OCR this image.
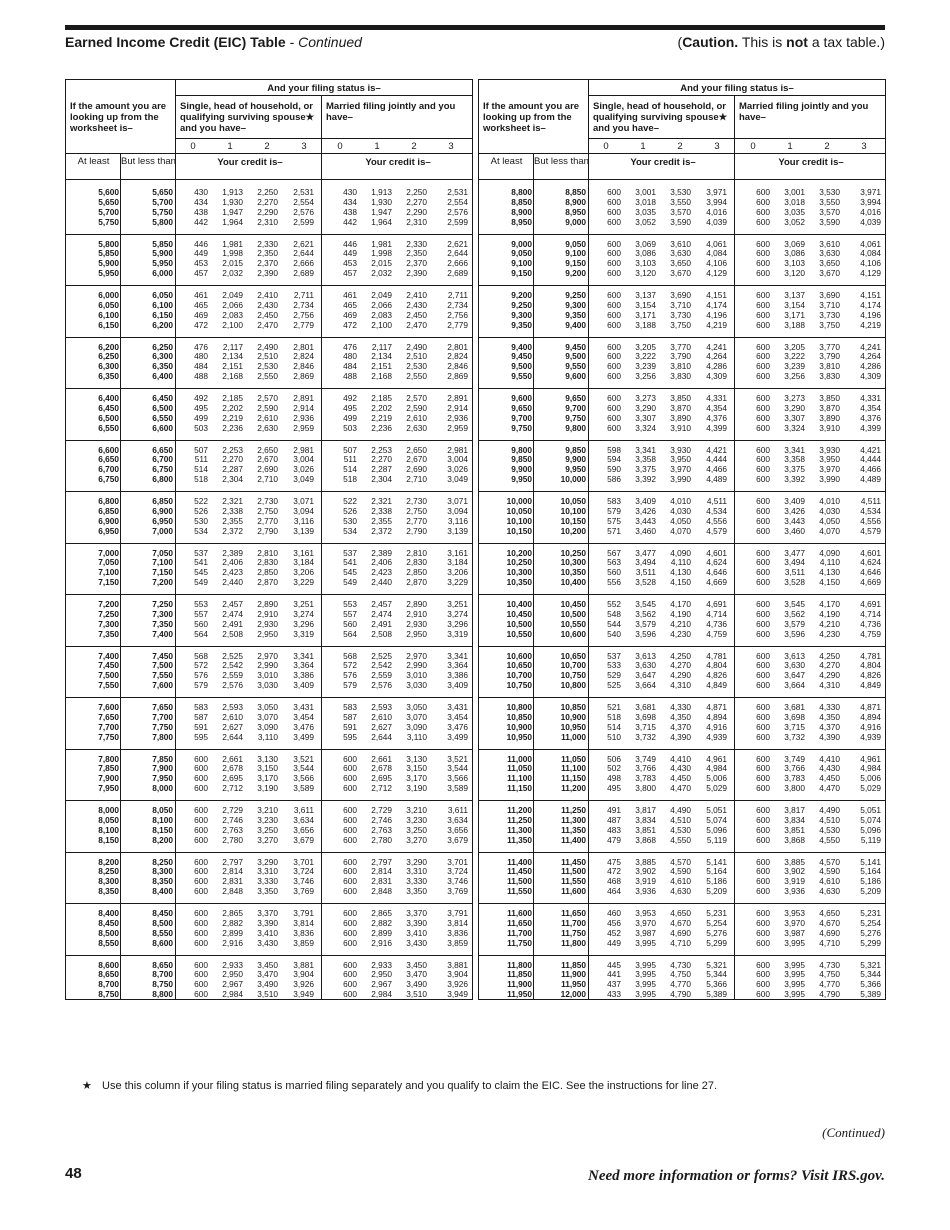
Earned Income Credit (EIC) Table - Continued	(Caution. This is not a tax table.)
And your filing status is–
If the amount you are looking up from the worksheet is–
Single, head of household, or qualifying surviving spouse★ and you have–
Married filing jointly and you have–
0	1	2	3	0	1	2	3
At least	But less than	Your credit is–	Your credit is–
5,600	5,650	430 1,913 2,250 2,531	430 1,913 2,250 2,531
5,650	5,700	434 1,930 2,270 2,554	434 1,930 2,270 2,554
5,700	5,750	438 1,947 2,290 2,576	438 1,947 2,290 2,576
5,750	5,800	442 1,964 2,310 2,599	442 1,964 2,310 2,599
5,800	5,850	446 1,981 2,330 2,621	446 1,981 2,330 2,621
5,850	5,900	449 1,998 2,350 2,644	449 1,998 2,350 2,644
5,900	5,950	453 2,015 2,370 2,666	453 2,015 2,370 2,666
5,950	6,000	457 2,032 2,390 2,689	457 2,032 2,390 2,689
6,000	6,050	461 2,049 2,410 2,711	461 2,049 2,410	2,711
6,050	6,100	465 2,066 2,430 2,734	465 2,066 2,430 2,734
6,100	6,150	469 2,083 2,450 2,756	469 2,083 2,450 2,756
6,150	6,200	472 2,100 2,470 2,779	472 2,100 2,470 2,779
6,200	6,250	476 2,117 2,490 2,801	476 2,117 2,490 2,801
6,250	6,300	480 2,134 2,510 2,824	480 2,134 2,510 2,824
6,300	6,350	484 2,151 2,530 2,846	484 2,151 2,530 2,846
6,350	6,400	488 2,168 2,550 2,869	488 2,168 2,550 2,869
6,400	6,450	492 2,185 2,570 2,891	492 2,185 2,570 2,891
6,450	6,500	495 2,202 2,590 2,914	495 2,202 2,590 2,914
6,500	6,550	499 2,219 2,610 2,936	499 2,219 2,610 2,936
6,550	6,600	503 2,236 2,630 2,959	503 2,236 2,630 2,959
6,600	6,650	507 2,253 2,650 2,981	507 2,253 2,650 2,981
6,650	6,700	511 2,270 2,670 3,004	511 2,270 2,670 3,004
6,700	6,750	514 2,287 2,690 3,026	514 2,287 2,690 3,026
6,750	6,800	518 2,304 2,710 3,049	518 2,304 2,710 3,049
6,800	6,850	522 2,321 2,730 3,071	522 2,321 2,730 3,071
6,850	6,900	526 2,338 2,750 3,094	526 2,338 2,750 3,094
6,900	6,950	530 2,355 2,770 3,116	530 2,355 2,770	3,116
6,950	7,000	534 2,372 2,790 3,139	534 2,372 2,790 3,139
7,000	7,050	537 2,389 2,810 3,161	537 2,389 2,810 3,161
7,050	7,100	541 2,406 2,830 3,184	541 2,406 2,830 3,184
7,100	7,150	545 2,423 2,850 3,206	545 2,423 2,850 3,206
7,150	7,200	549 2,440 2,870 3,229	549 2,440 2,870 3,229
7,200	7,250	553 2,457 2,890 3,251	553 2,457 2,890 3,251
7,250	7,300	557 2,474 2,910 3,274	557 2,474 2,910 3,274
7,300	7,350	560 2,491 2,930 3,296	560 2,491 2,930 3,296
7,350	7,400	564 2,508 2,950 3,319	564 2,508 2,950 3,319
7,400	7,450	568 2,525 2,970 3,341	568 2,525 2,970 3,341
7,450	7,500	572 2,542 2,990 3,364	572 2,542 2,990 3,364
7,500	7,550	576 2,559 3,010 3,386	576 2,559 3,010 3,386
7,550	7,600	579 2,576 3,030 3,409	579 2,576 3,030 3,409
7,600	7,650	583 2,593 3,050 3,431	583 2,593 3,050 3,431
7,650	7,700	587 2,610 3,070 3,454	587 2,610 3,070 3,454
7,700	7,750	591 2,627 3,090 3,476	591 2,627 3,090 3,476
7,750	7,800	595 2,644 3,110 3,499	595 2,644 3,110 3,499
7,800	7,850	600 2,661 3,130 3,521	600 2,661 3,130 3,521
7,850	7,900	600 2,678 3,150 3,544	600 2,678 3,150 3,544
7,900	7,950	600 2,695 3,170 3,566	600 2,695 3,170 3,566
7,950	8,000	600 2,712 3,190 3,589	600 2,712 3,190 3,589
8,000	8,050	600 2,729 3,210 3,611	600 2,729 3,210	3,611
8,050	8,100	600 2,746 3,230 3,634	600 2,746 3,230 3,634
8,100	8,150	600 2,763 3,250 3,656	600 2,763 3,250 3,656
8,150	8,200	600 2,780 3,270 3,679	600 2,780 3,270 3,679
8,200	8,250	600 2,797 3,290 3,701	600 2,797 3,290 3,701
8,250	8,300	600 2,814 3,310 3,724	600 2,814 3,310 3,724
8,300	8,350	600 2,831 3,330 3,746	600 2,831 3,330 3,746
8,350	8,400	600 2,848 3,350 3,769	600 2,848 3,350 3,769
8,400	8,450	600 2,865 3,370 3,791	600 2,865 3,370 3,791
8,450	8,500	600 2,882 3,390 3,814	600 2,882 3,390 3,814
8,500	8,550	600 2,899 3,410 3,836	600 2,899 3,410 3,836
8,550	8,600	600 2,916 3,430 3,859	600 2,916 3,430 3,859
8,600	8,650	600 2,933 3,450 3,881	600 2,933 3,450 3,881
8,650	8,700	600 2,950 3,470 3,904	600 2,950 3,470 3,904
8,700	8,750	600 2,967 3,490 3,926	600 2,967 3,490 3,926
8,750	8,800	600 2,984 3,510 3,949	600 2,984 3,510 3,949
And your filing status is–
If the amount you are looking up from the worksheet is–
Single, head of household, or qualifying surviving spouse★ and you have–
Married filing jointly and you have–
0	1	2	3	0	1	2	3
At least	But less than	Your credit is–	Your credit is–
8,800	8,850	600 3,001 3,530 3,971	600 3,001 3,530 3,971
8,850	8,900	600 3,018 3,550 3,994	600 3,018 3,550 3,994
8,900	8,950	600 3,035 3,570 4,016	600 3,035 3,570 4,016
8,950	9,000	600 3,052 3,590 4,039	600 3,052 3,590 4,039
9,000	9,050	600 3,069 3,610 4,061	600 3,069 3,610 4,061
9,050	9,100	600 3,086 3,630 4,084	600 3,086 3,630 4,084
9,100	9,150	600 3,103 3,650 4,106	600 3,103 3,650 4,106
9,150	9,200	600 3,120 3,670 4,129	600 3,120 3,670 4,129
9,200	9,250	600 3,137 3,690 4,151	600 3,137 3,690 4,151
9,250	9,300	600 3,154 3,710 4,174	600 3,154 3,710 4,174
9,300	9,350	600 3,171 3,730 4,196	600 3,171 3,730 4,196
9,350	9,400	600 3,188 3,750 4,219	600 3,188 3,750 4,219
9,400	9,450	600 3,205 3,770 4,241	600 3,205 3,770 4,241
9,450	9,500	600 3,222 3,790 4,264	600 3,222 3,790 4,264
9,500	9,550	600 3,239 3,810 4,286	600 3,239 3,810 4,286
9,550	9,600	600 3,256 3,830 4,309	600 3,256 3,830 4,309
9,600	9,650	600 3,273 3,850 4,331	600 3,273 3,850 4,331
9,650	9,700	600 3,290 3,870 4,354	600 3,290 3,870 4,354
9,700	9,750	600 3,307 3,890 4,376	600 3,307 3,890 4,376
9,750	9,800	600 3,324 3,910 4,399	600 3,324 3,910 4,399
9,800	9,850	598 3,341 3,930 4,421	600 3,341 3,930 4,421
9,850	9,900	594 3,358 3,950 4,444	600 3,358 3,950 4,444
9,900	9,950	590 3,375 3,970 4,466	600 3,375 3,970 4,466
9,950	10,000	586 3,392 3,990 4,489	600 3,392 3,990 4,489
10,000	10,050	583 3,409 4,010 4,511	600 3,409 4,010	4,511
10,050	10,100	579 3,426 4,030 4,534	600 3,426 4,030 4,534
10,100	10,150	575 3,443 4,050 4,556	600 3,443 4,050 4,556
10,150	10,200	571 3,460 4,070 4,579	600 3,460 4,070 4,579
10,200	10,250	567 3,477 4,090 4,601	600 3,477 4,090 4,601
10,250	10,300	563 3,494 4,110 4,624	600 3,494 4,110 4,624
10,300	10,350	560 3,511 4,130 4,646	600 3,511 4,130 4,646
10,350	10,400	556 3,528 4,150 4,669	600 3,528 4,150 4,669
10,400	10,450	552 3,545 4,170 4,691	600 3,545 4,170 4,691
10,450	10,500	548 3,562 4,190 4,714	600 3,562 4,190 4,714
10,500	10,550	544 3,579 4,210 4,736	600 3,579 4,210 4,736
10,550	10,600	540 3,596 4,230 4,759	600 3,596 4,230 4,759
10,600	10,650	537 3,613 4,250 4,781	600 3,613 4,250 4,781
10,650	10,700	533 3,630 4,270 4,804	600 3,630 4,270 4,804
10,700	10,750	529 3,647 4,290 4,826	600 3,647 4,290 4,826
10,750	10,800	525 3,664 4,310 4,849	600 3,664 4,310 4,849
10,800	10,850	521 3,681 4,330 4,871	600 3,681 4,330 4,871
10,850	10,900	518 3,698 4,350 4,894	600 3,698 4,350 4,894
10,900	10,950	514 3,715 4,370 4,916	600 3,715 4,370 4,916
10,950	11,000	510 3,732 4,390 4,939	600 3,732 4,390 4,939
11,000	11,050	506 3,749 4,410 4,961	600 3,749 4,410 4,961
11,050	11,100	502 3,766 4,430 4,984	600 3,766 4,430 4,984
11,100	11,150	498 3,783 4,450 5,006	600 3,783 4,450 5,006
11,150	11,200	495 3,800 4,470 5,029	600 3,800 4,470 5,029
11,200	11,250	491 3,817 4,490 5,051	600 3,817 4,490 5,051
11,250	11,300	487 3,834 4,510 5,074	600 3,834 4,510 5,074
11,300	11,350	483 3,851 4,530 5,096	600 3,851 4,530 5,096
11,350	11,400	479 3,868 4,550 5,119	600 3,868 4,550	5,119
11,400	11,450	475 3,885 4,570 5,141	600 3,885 4,570 5,141
11,450	11,500	472 3,902 4,590 5,164	600 3,902 4,590 5,164
11,500	11,550	468 3,919 4,610 5,186	600 3,919 4,610 5,186
11,550	11,600	464 3,936 4,630 5,209	600 3,936 4,630 5,209
11,600	11,650	460 3,953 4,650 5,231	600 3,953 4,650 5,231
11,650	11,700	456 3,970 4,670 5,254	600 3,970 4,670 5,254
11,700	11,750	452 3,987 4,690 5,276	600 3,987 4,690 5,276
11,750	11,800	449 3,995 4,710 5,299	600 3,995 4,710 5,299
11,800	11,850	445 3,995 4,730 5,321	600 3,995 4,730 5,321
11,850	11,900	441 3,995 4,750 5,344	600 3,995 4,750 5,344
11,900	11,950	437 3,995 4,770 5,366	600 3,995 4,770 5,366
11,950	12,000	433 3,995 4,790 5,389	600 3,995 4,790 5,389
★ Use this column if your filing status is married filing separately and you qualify to claim the EIC. See the instructions for line 27.
(Continued)
48	Need more information or forms? Visit IRS.gov.
